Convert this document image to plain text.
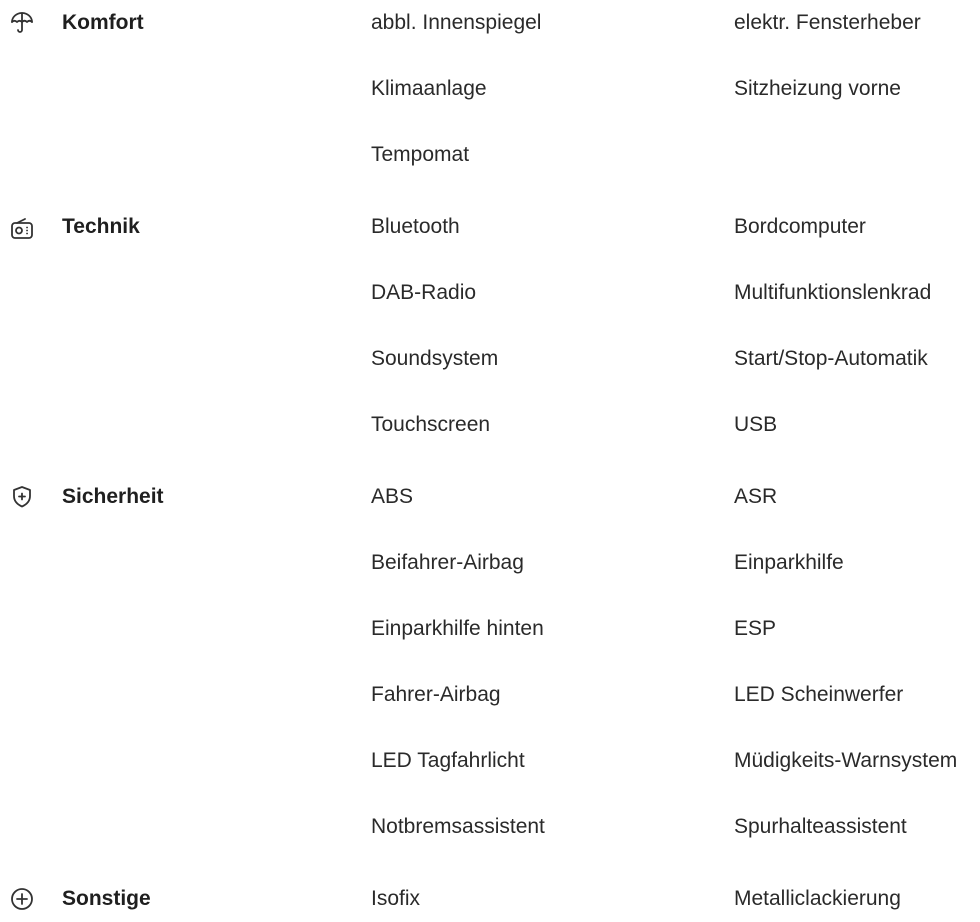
Komfort	abbl. Innenspiegel	elektr. Fensterheber
Klimaanlage	Sitzheizung vorne
Tempomat
Technik	Bluetooth	Bordcomputer
DAB-Radio	Multifunktionslenkrad
Soundsystem	Start/Stop-Automatik
Touchscreen	USB
Sicherheit	ABS	ASR
Beifahrer-Airbag	Einparkhilfe
Einparkhilfe hinten	ESP
Fahrer-Airbag	LED Scheinwerfer
LED Tagfahrlicht	Müdigkeits-Warnsystem
Notbremsassistent	Spurhalteassistent
Sonstige	Isofix	Metalliclackierung
